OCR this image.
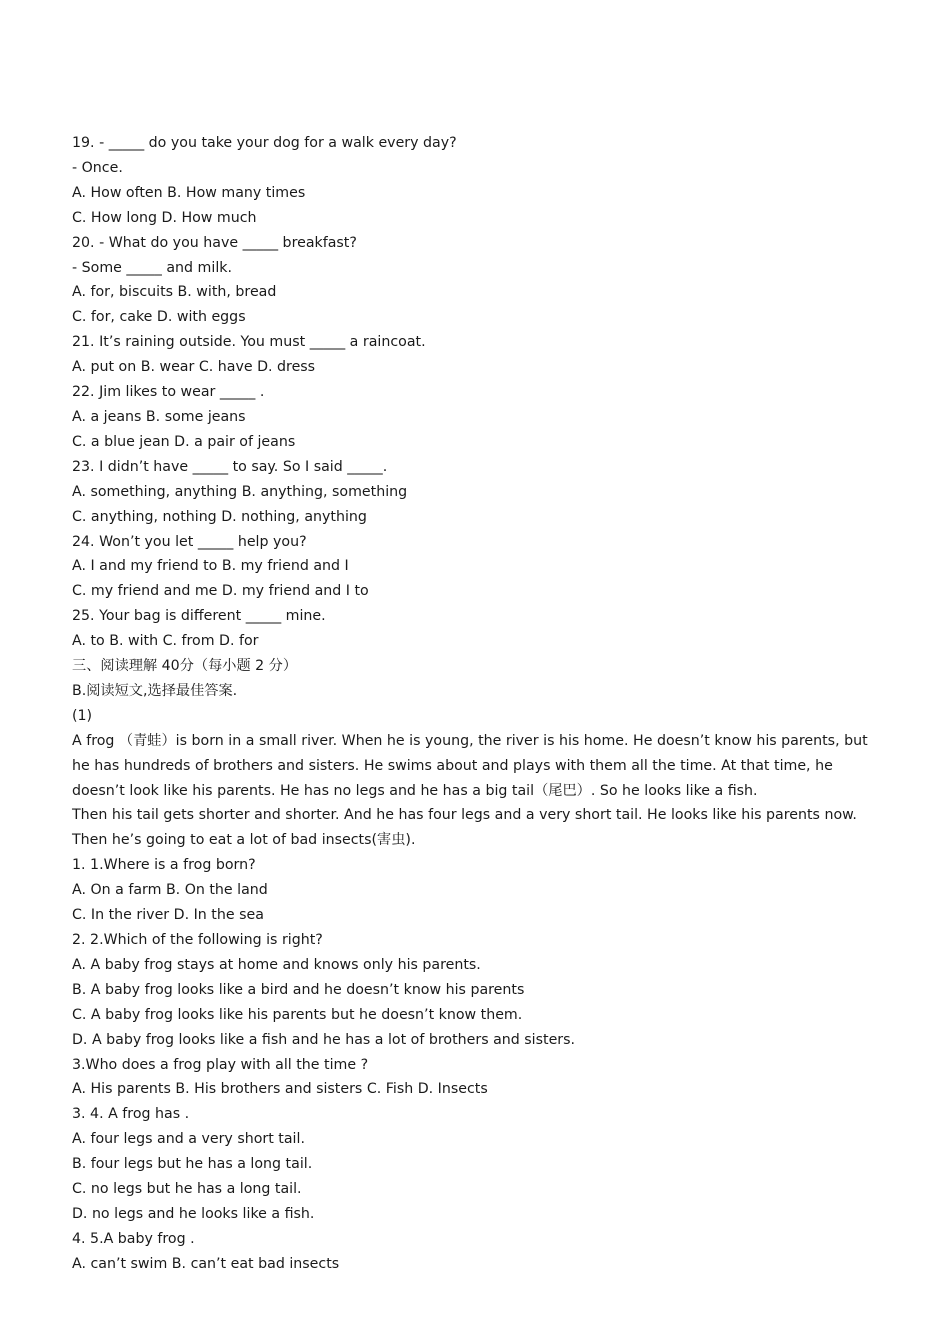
19. - _____ do you take your dog for a walk every day?
- Once.
A. How often B. How many times
C. How long D. How much
20. - What do you have _____ breakfast?
- Some _____ and milk.
A. for, biscuits B. with, bread
C. for, cake D. with eggs
21. It’s raining outside. You must _____ a raincoat.
A. put on B. wear C. have D. dress
22. Jim likes to wear _____ .
A. a jeans B. some jeans
C. a blue jean D. a pair of jeans
23. I didn’t have _____ to say. So I said _____.
A. something, anything B. anything, something
C. anything, nothing D. nothing, anything
24. Won’t you let _____ help you?
A. I and my friend to B. my friend and I
C. my friend and me D. my friend and I to
25. Your bag is different _____ mine.
A. to B. with C. from D. for
三、阅读理解 40分（每小题 2 分）
B.阅读短文,选择最佳答案.
(1)
A frog （青蛙）is born in a small river. When he is young, the river is his home. He doesn’t know his parents, but he has hundreds of brothers and sisters. He swims about and plays with them all the time. At that time, he doesn’t look like his parents. He has no legs and he has a big tail（尾巴）. So he looks like a fish.
Then his tail gets shorter and shorter. And he has four legs and a very short tail. He looks like his parents now. Then he’s going to eat a lot of bad insects(害虫).
1. 1.Where is a frog born?
A. On a farm B. On the land
C. In the river D. In the sea
2. 2.Which of the following is right?
A. A baby frog stays at home and knows only his parents.
B. A baby frog looks like a bird and he doesn’t know his parents
C. A baby frog looks like his parents but he doesn’t know them.
D. A baby frog looks like a fish and he has a lot of brothers and sisters.
3.Who does a frog play with all the time ?
A. His parents B. His brothers and sisters C. Fish D. Insects
3. 4. A frog has .
A. four legs and a very short tail.
B. four legs but he has a long tail.
C. no legs but he has a long tail.
D. no legs and he looks like a fish.
4. 5.A baby frog .
A. can’t swim B. can’t eat bad insects
